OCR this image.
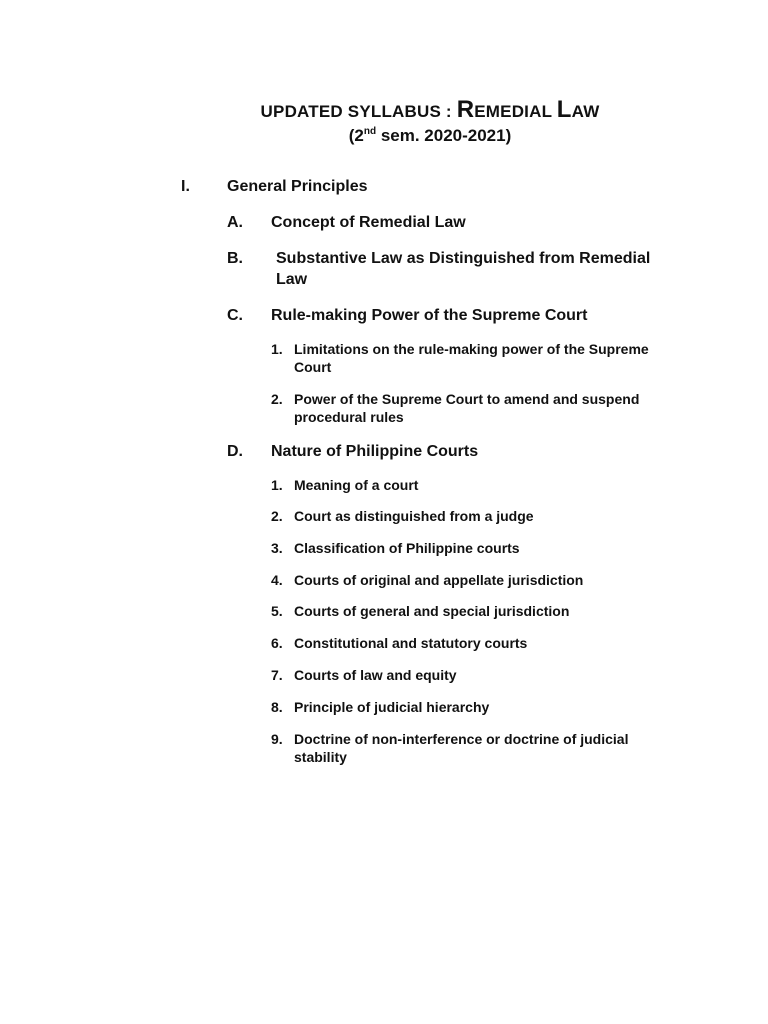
UPDATED SYLLABUS : REMEDIAL LAW
(2nd sem. 2020-2021)
I. General Principles
A. Concept of Remedial Law
B. Substantive Law as Distinguished from Remedial
Law
C. Rule-making Power of the Supreme Court
1. Limitations on the rule-making power of the Supreme
Court
2. Power of the Supreme Court to amend and suspend
procedural rules
D. Nature of Philippine Courts
1. Meaning of a court
2. Court as distinguished from a judge
3. Classification of Philippine courts
4. Courts of original and appellate jurisdiction
5. Courts of general and special jurisdiction
6. Constitutional and statutory courts
7. Courts of law and equity
8. Principle of judicial hierarchy
9. Doctrine of non-interference or doctrine of judicial
stability
